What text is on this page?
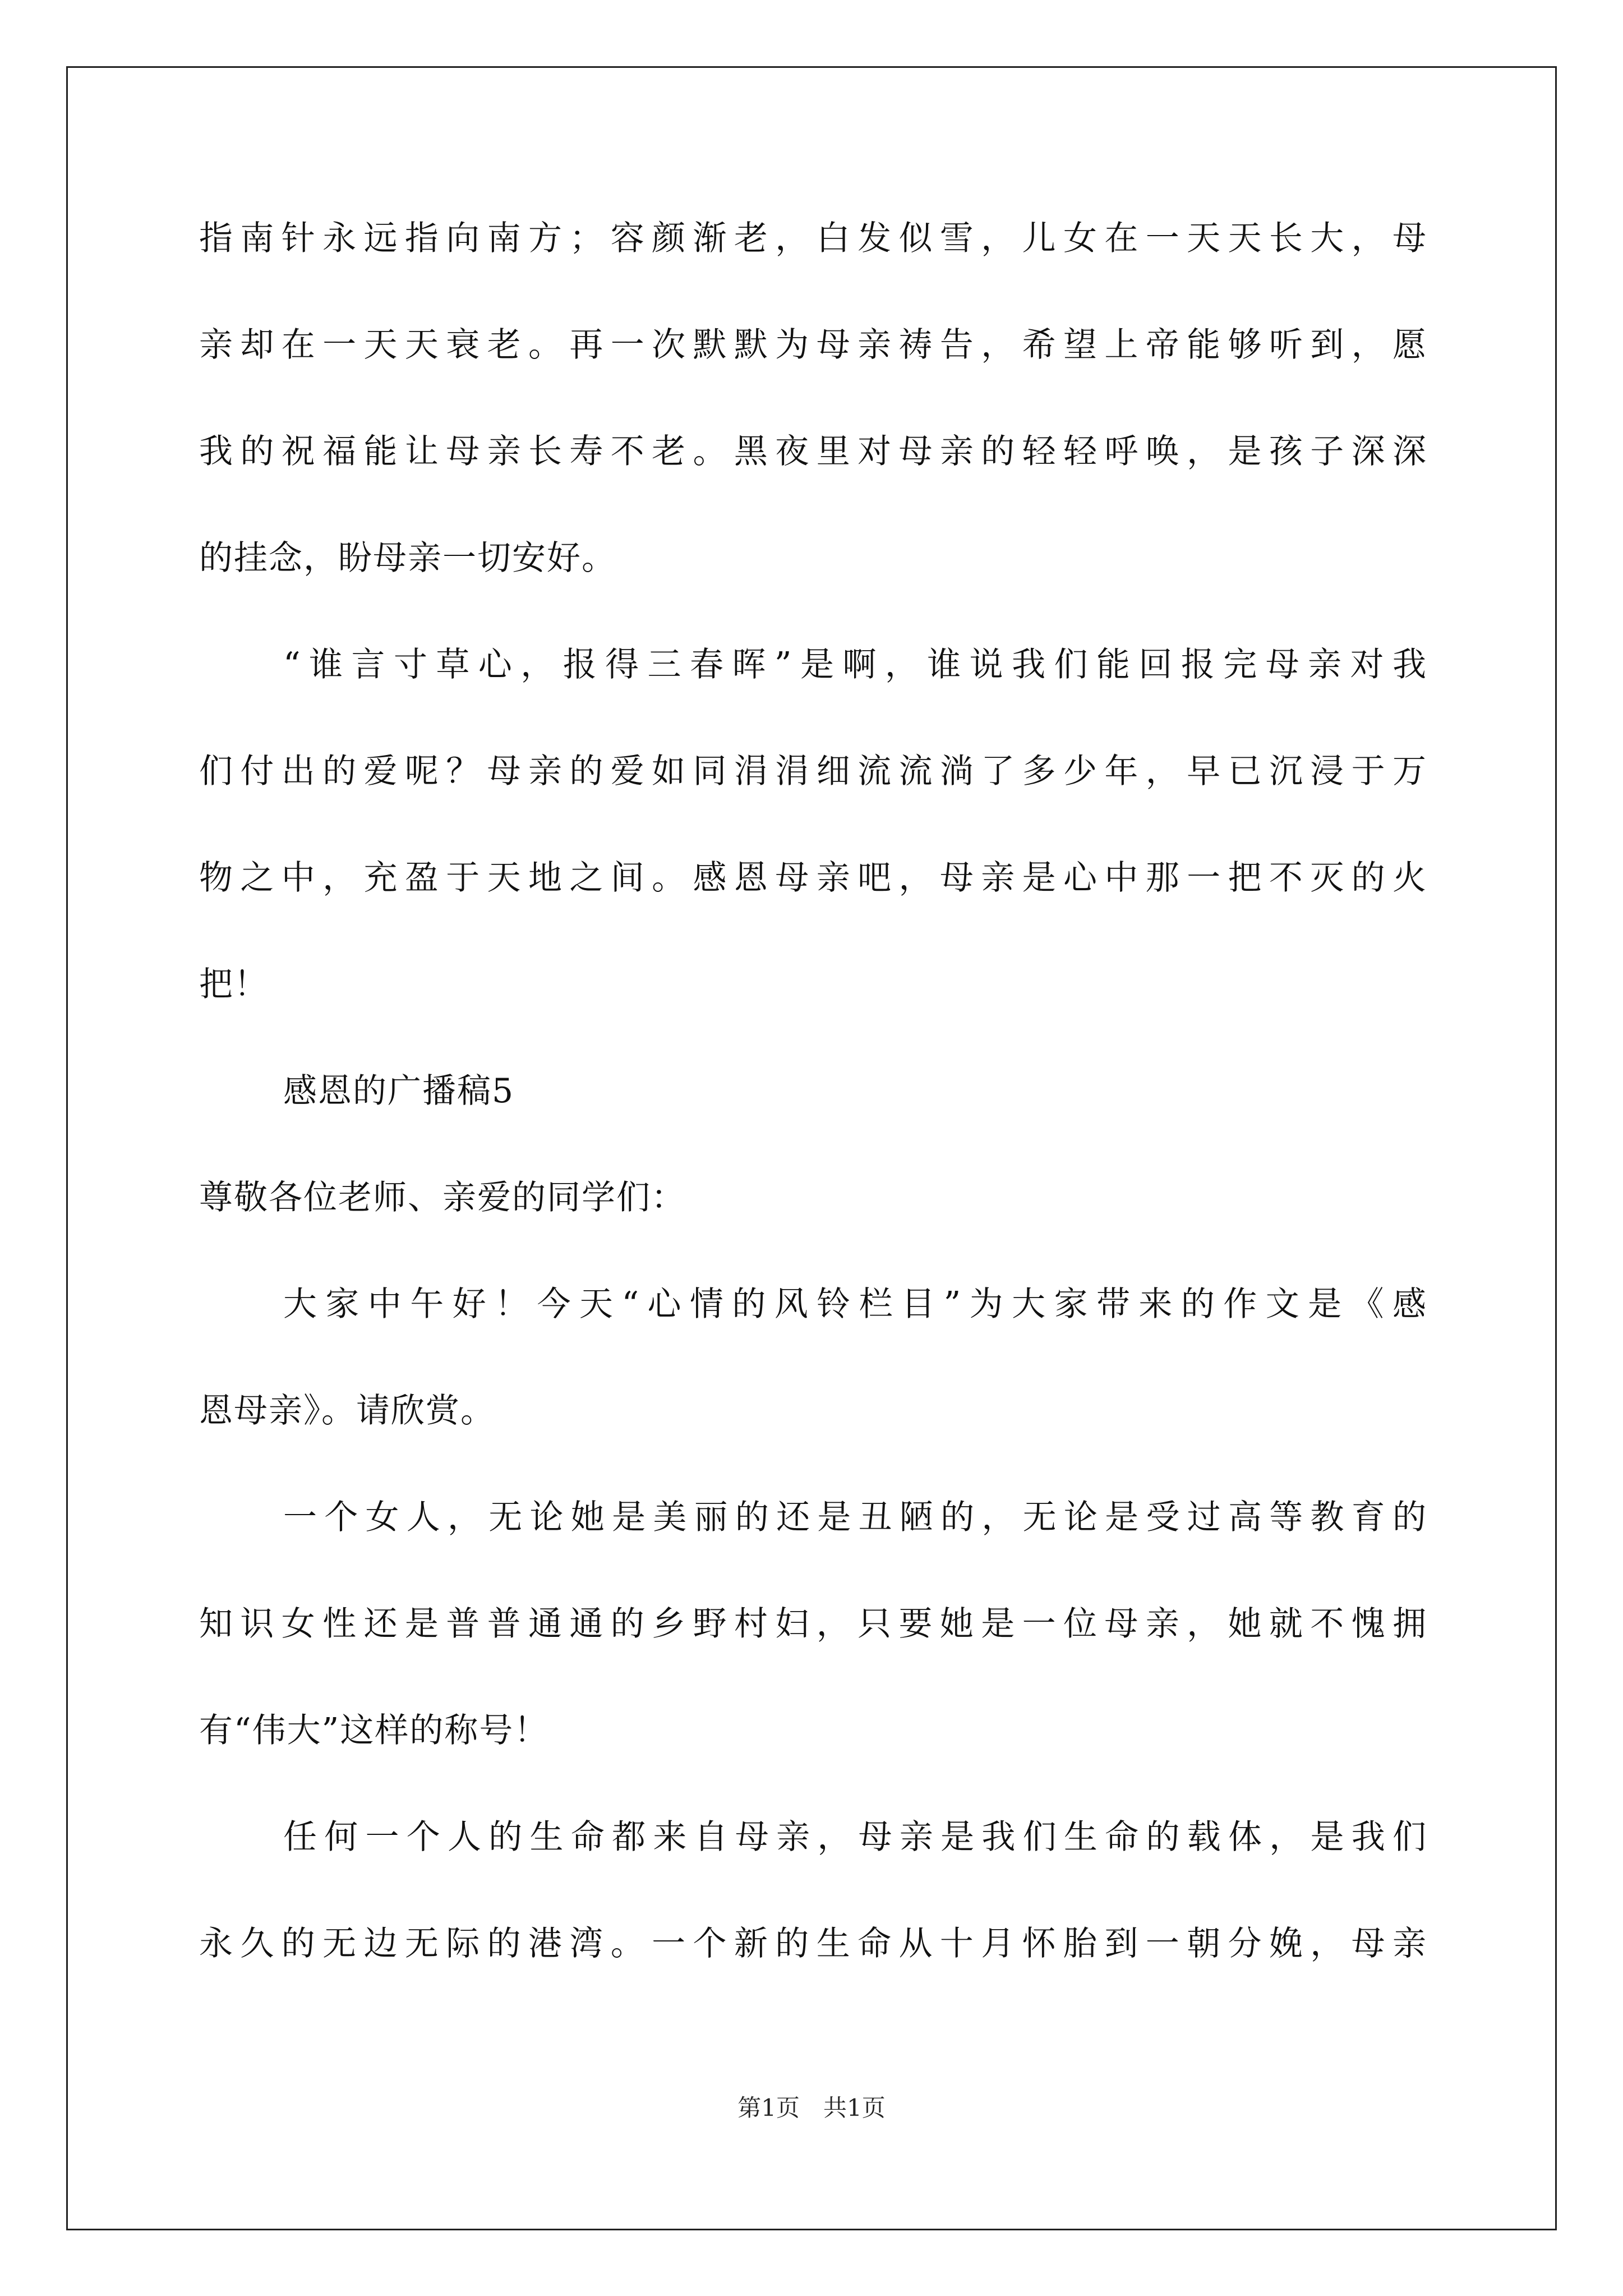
指南针永远指向南方；容颜渐老，白发似雪，儿女在一天天长大，母
亲却在一天天衰老。再一次默默为母亲祷告，希望上帝能够听到，愿
我的祝福能让母亲长寿不老。黑夜里对母亲的轻轻呼唤，是孩子深深
的挂念，盼母亲一切安好。
“谁言寸草心，报得三春晖”是啊，谁说我们能回报完母亲对我
们付出的爱呢？母亲的爱如同涓涓细流流淌了多少年，早已沉浸于万
物之中，充盈于天地之间。感恩母亲吧，母亲是心中那一把不灭的火
把！
感恩的广播稿5
尊敬各位老师、亲爱的同学们：
大家中午好！今天“心情的风铃栏目”为大家带来的作文是《感
恩母亲》。请欣赏。
一个女人，无论她是美丽的还是丑陋的，无论是受过高等教育的
知识女性还是普普通通的乡野村妇，只要她是一位母亲，她就不愧拥
有“伟大”这样的称号！
任何一个人的生命都来自母亲，母亲是我们生命的载体，是我们
永久的无边无际的港湾。一个新的生命从十月怀胎到一朝分娩，母亲
第1页　共1页
